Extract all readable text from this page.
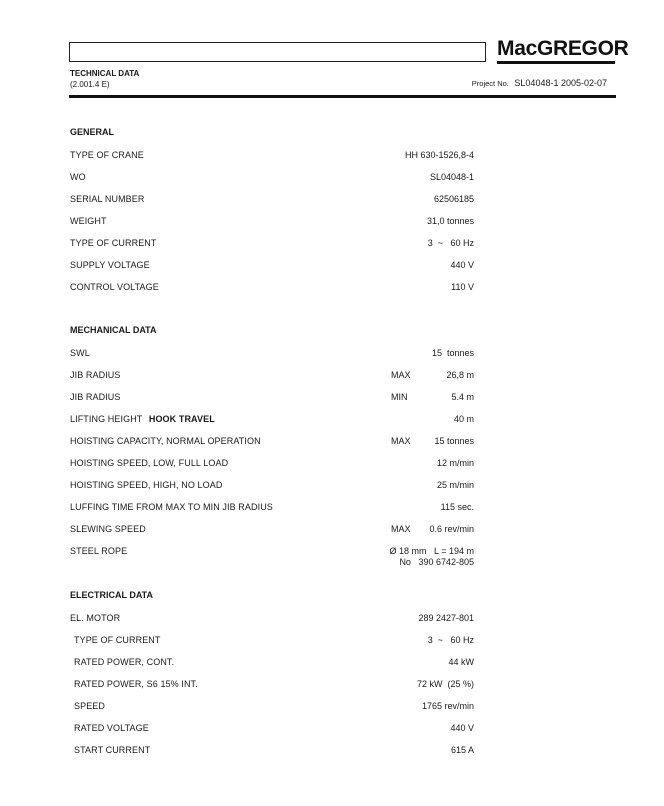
MacGREGOR
TECHNICAL DATA
(2.001.4 E)	Project No. SL04048-1 2005-02-07
GENERAL
TYPE OF CRANE	HH 630-1526,8-4
WO	SL04048-1
SERIAL NUMBER	62506185
WEIGHT	31,0 tonnes
TYPE OF CURRENT	3  ~   60 Hz
SUPPLY VOLTAGE	440 V
CONTROL VOLTAGE	110 V
MECHANICAL DATA
SWL	15  tonnes
JIB RADIUS	MAX	26,8 m
JIB RADIUS	MIN	5.4 m
LIFTING HEIGHT HOOK TRAVEL	40 m
HOISTING CAPACITY, NORMAL OPERATION	MAX	15 tonnes
HOISTING SPEED, LOW, FULL LOAD	12 m/min
HOISTING SPEED, HIGH, NO LOAD	25 m/min
LUFFING TIME FROM MAX TO MIN JIB RADIUS	115 sec.
SLEWING SPEED	MAX 0.6 rev/min
STEEL ROPE	Ø 18 mm   L = 194 m
No   390 6742-805
ELECTRICAL DATA
EL. MOTOR	289 2427-801
TYPE OF CURRENT	3  ~   60 Hz
RATED POWER, CONT.	44 kW
RATED POWER, S6 15% INT.	72 kW  (25 %)
SPEED	1765 rev/min
RATED VOLTAGE	440 V
START CURRENT	615 A
